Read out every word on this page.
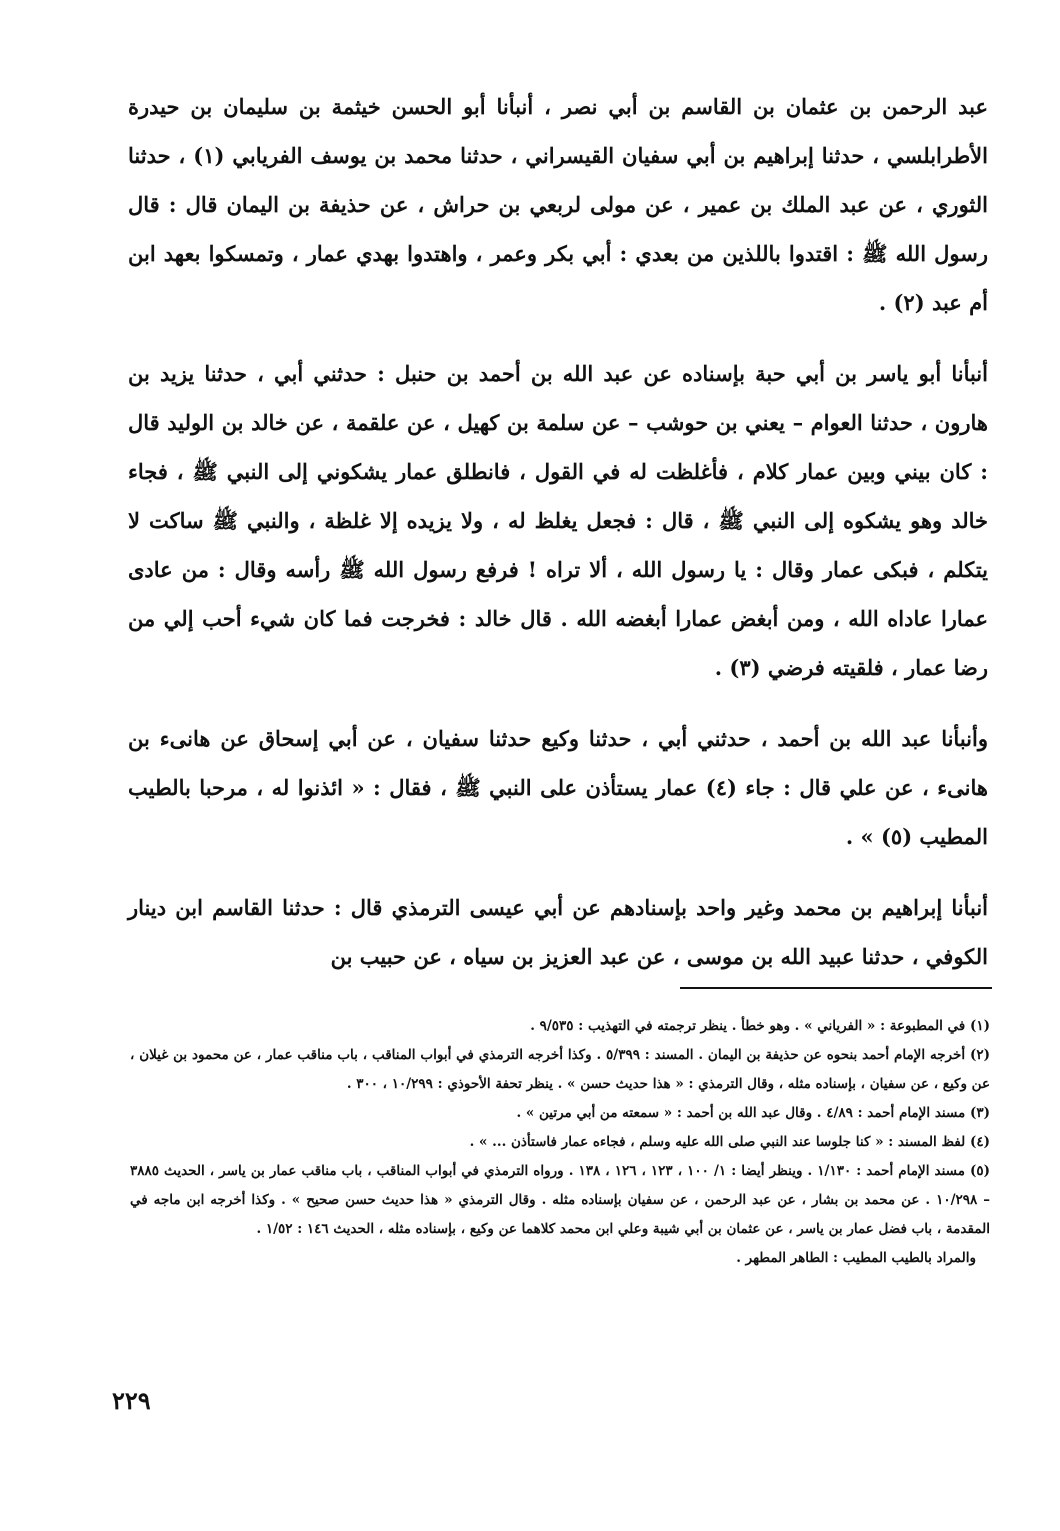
عبد الرحمن بن عثمان بن القاسم بن أبي نصر ، أنبأنا أبو الحسن خيثمة بن سليمان بن حيدرة الأطرابلسي ، حدثنا إبراهيم بن أبي سفيان القيسراني ، حدثنا محمد بن يوسف الفريابي (١) ، حدثنا الثوري ، عن عبد الملك بن عمير ، عن مولى لربعي بن حراش ، عن حذيفة بن اليمان قال : قال رسول الله ﷺ : اقتدوا باللذين من بعدي : أبي بكر وعمر ، واهتدوا بهدي عمار ، وتمسكوا بعهد ابن أم عبد (٢) .

أنبأنا أبو ياسر بن أبي حبة بإسناده عن عبد الله بن أحمد بن حنبل : حدثني أبي ، حدثنا يزيد بن هارون ، حدثنا العوام – يعني بن حوشب – عن سلمة بن كهيل ، عن علقمة ، عن خالد بن الوليد قال : كان بيني وبين عمار كلام ، فأغلظت له في القول ، فانطلق عمار يشكوني إلى النبي ﷺ ، فجاء خالد وهو يشكوه إلى النبي ﷺ ، قال : فجعل يغلظ له ، ولا يزيده إلا غلظة ، والنبي ﷺ ساكت لا يتكلم ، فبكى عمار وقال : يا رسول الله ، ألا تراه ! فرفع رسول الله ﷺ رأسه وقال : من عادى عمارا عاداه الله ، ومن أبغض عمارا أبغضه الله . قال خالد : فخرجت فما كان شيء أحب إلي من رضا عمار ، فلقيته فرضي (٣) .

وأنبأنا عبد الله بن أحمد ، حدثني أبي ، حدثنا وكيع حدثنا سفيان ، عن أبي إسحاق عن هانىء بن هانىء ، عن علي قال : جاء (٤) عمار يستأذن على النبي ﷺ ، فقال : « ائذنوا له ، مرحبا بالطيب المطيب (٥) » .

أنبأنا إبراهيم بن محمد وغير واحد بإسنادهم عن أبي عيسى الترمذي قال : حدثنا القاسم ابن دينار الكوفي ، حدثنا عبيد الله بن موسى ، عن عبد العزيز بن سياه ، عن حبيب بن

(١) في المطبوعة : « الفرياني » . وهو خطأ . ينظر ترجمته في التهذيب : ٩/٥٣٥ .

(٢) أخرجه الإمام أحمد بنحوه عن حذيفة بن اليمان . المسند : ٥/٣٩٩ . وكذا أخرجه الترمذي في أبواب المناقب ، باب مناقب عمار ، عن محمود بن غيلان ، عن وكيع ، عن سفيان ، بإسناده مثله ، وقال الترمذي : « هذا حديث حسن » . ينظر تحفة الأحوذي : ١٠/٢٩٩ ، ٣٠٠ .

(٣) مسند الإمام أحمد : ٤/٨٩ . وقال عبد الله بن أحمد : « سمعته من أبي مرتين » .

(٤) لفظ المسند : « كنا جلوسا عند النبي صلى الله عليه وسلم ، فجاءه عمار فاستأذن ... » .

(٥) مسند الإمام أحمد : ١/١٣٠ . وينظر أيضا : ١/ ١٠٠ ، ١٢٣ ، ١٢٦ ، ١٣٨ . ورواه الترمذي في أبواب المناقب ، باب مناقب عمار بن ياسر ، الحديث ٣٨٨٥ – ١٠/٢٩٨ . عن محمد بن بشار ، عن عبد الرحمن ، عن سفيان بإسناده مثله . وقال الترمذي « هذا حديث حسن صحيح » . وكذا أخرجه ابن ماجه في المقدمة ، باب فضل عمار بن ياسر ، عن عثمان بن أبي شيبة وعلي ابن محمد كلاهما عن وكيع ، بإسناده مثله ، الحديث ١٤٦ : ١/٥٢ .

والمراد بالطيب المطيب : الطاهر المطهر .

٢٢٩
